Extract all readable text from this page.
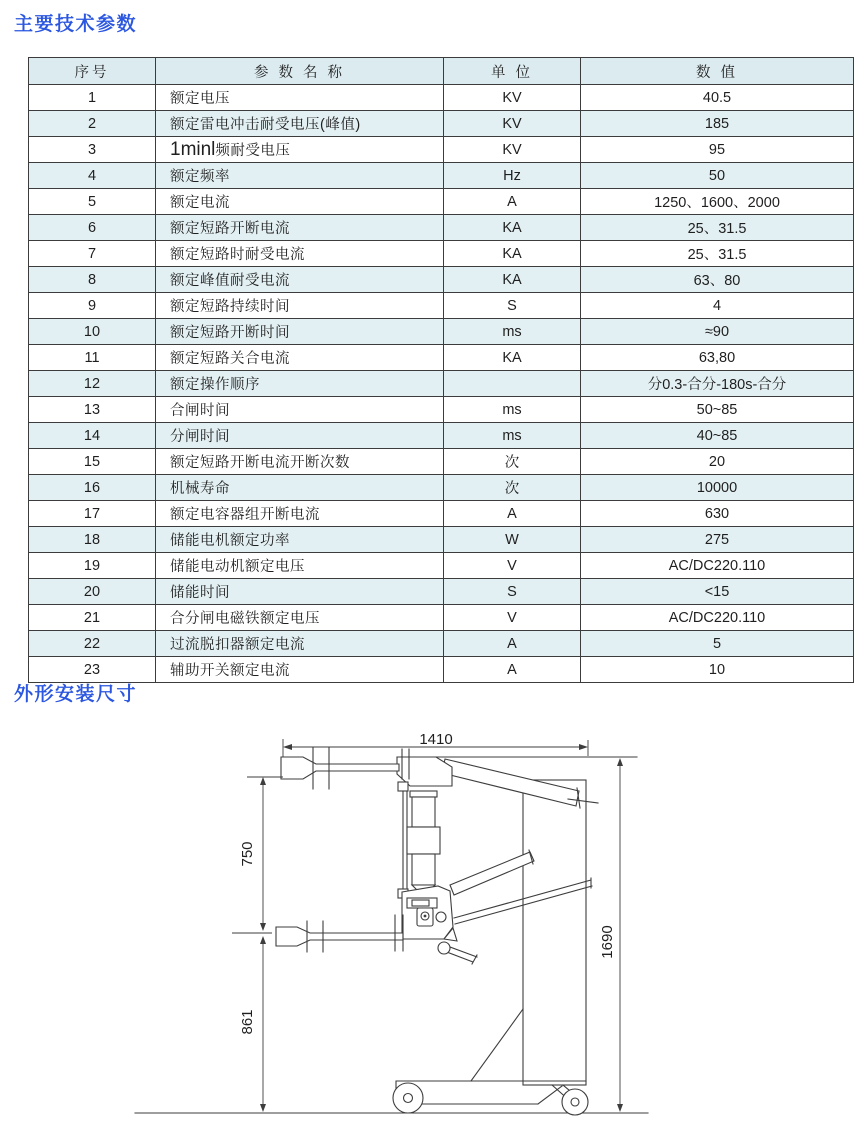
主要技术参数
序号	参 数 名 称	单 位	数 值
1	额定电压	KV	40.5
2	额定雷电冲击耐受电压(峰值)	KV	185
3	1minl频耐受电压	KV	95
4	额定频率	Hz	50
5	额定电流	A	1250、1600、2000
6	额定短路开断电流	KA	25、31.5
7	额定短路时耐受电流	KA	25、31.5
8	额定峰值耐受电流	KA	63、80
9	额定短路持续时间	S	4
10	额定短路开断时间	ms	≈90
11	额定短路关合电流	KA	63,80
12	额定操作顺序		分0.3-合分-180s-合分
13	合闸时间	ms	50~85
14	分闸时间	ms	40~85
15	额定短路开断电流开断次数	次	20
16	机械寿命	次	10000
17	额定电容器组开断电流	A	630
18	储能电机额定功率	W	275
19	储能电动机额定电压	V	AC/DC220.110
20	储能时间	S	<15
21	合分闸电磁铁额定电压	V	AC/DC220.110
22	过流脱扣器额定电流	A	5
23	辅助开关额定电流	A	10
外形安装尺寸
1410
1690
750
861
